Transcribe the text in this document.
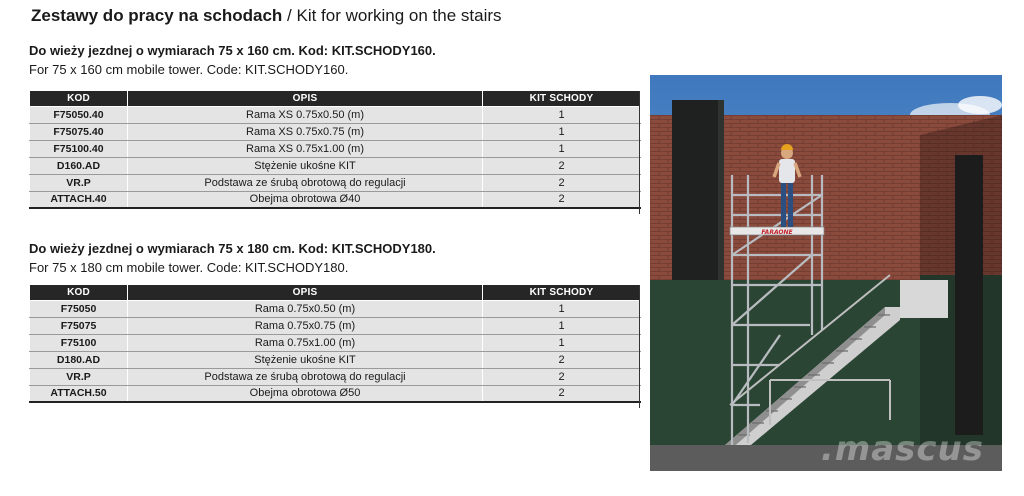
Zestawy do pracy na schodach / Kit for working on the stairs
Do wieży jezdnej o wymiarach 75 x 160 cm. Kod: KIT.SCHODY160.
For 75 x 160 cm mobile tower. Code: KIT.SCHODY160.
KOD	OPIS	KIT SCHODY
F75050.40	Rama XS 0.75x0.50 (m)	1
F75075.40	Rama XS 0.75x0.75 (m)	1
F75100.40	Rama XS 0.75x1.00 (m)	1
D160.AD	Stężenie ukośne KIT	2
VR.P	Podstawa ze śrubą obrotową do regulacji	2
ATTACH.40	Obejma obrotowa Ø40	2
Do wieży jezdnej o wymiarach 75 x 180 cm. Kod: KIT.SCHODY180.
For 75 x 180 cm mobile tower. Code: KIT.SCHODY180.
KOD	OPIS	KIT SCHODY
F75050	Rama 0.75x0.50 (m)	1
F75075	Rama 0.75x0.75 (m)	1
F75100	Rama 0.75x1.00 (m)	1
D180.AD	Stężenie ukośne KIT	2
VR.P	Podstawa ze śrubą obrotową do regulacji	2
ATTACH.50	Obejma obrotowa Ø50	2
FARAONE
.mascus
